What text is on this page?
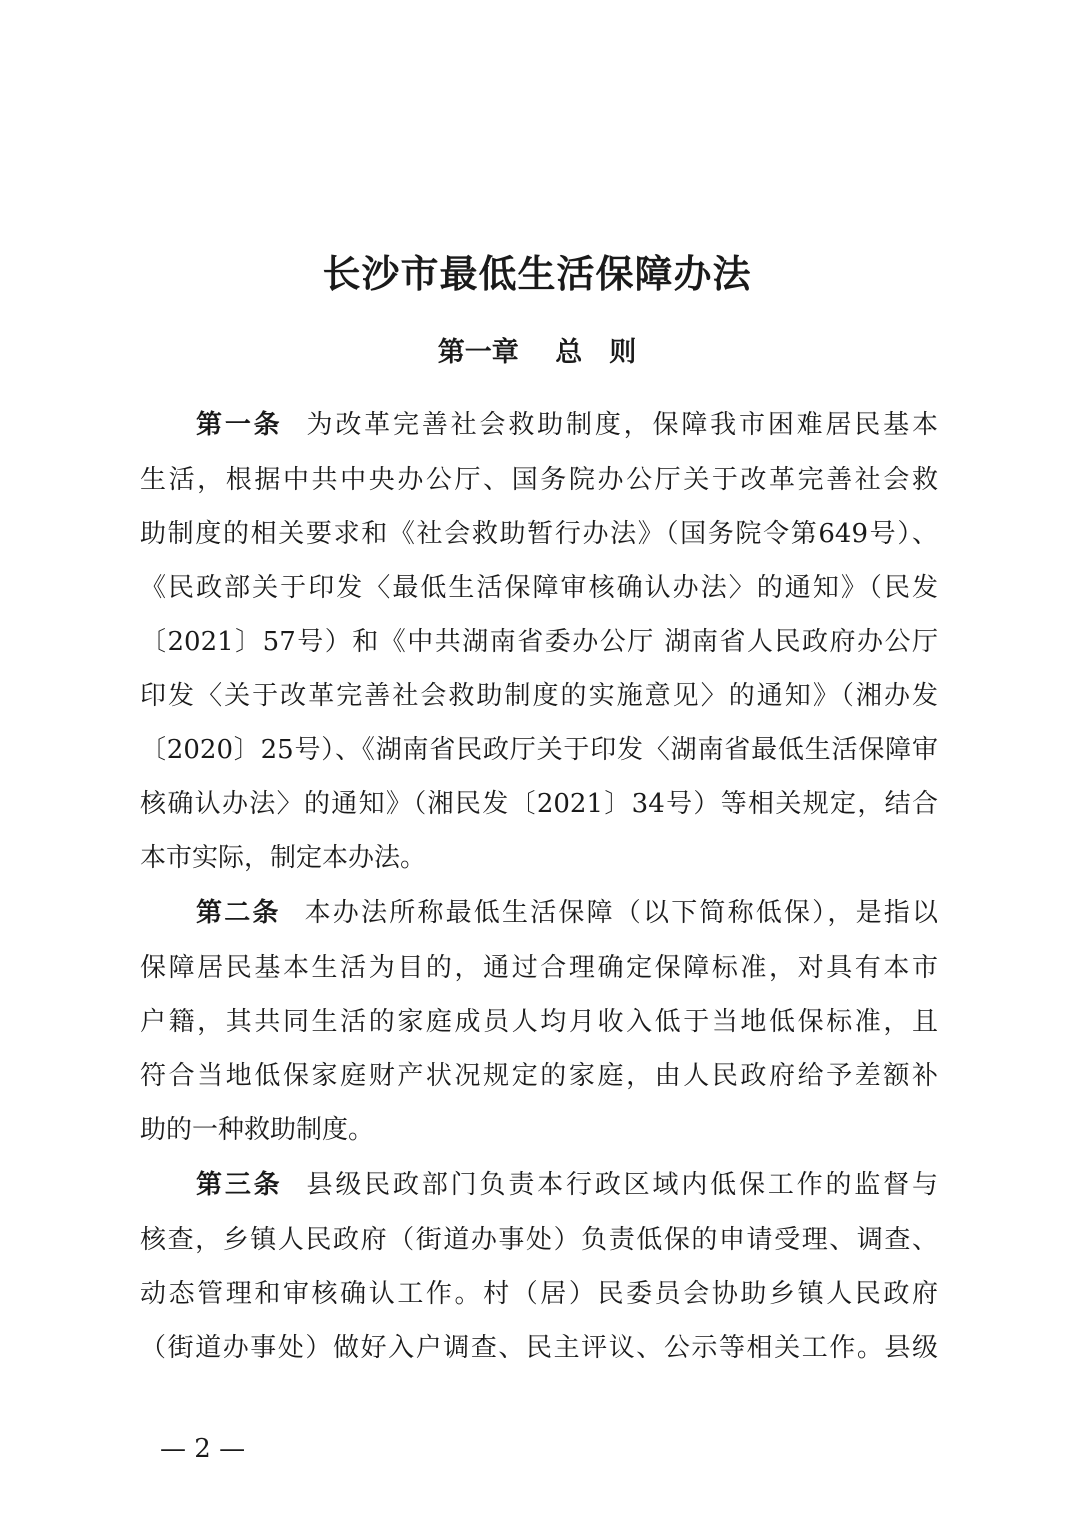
长沙市最低生活保障办法
第一章　 总　则
第一条 为改革完善社会救助制度，保障我市困难居民基本
生活，根据中共中央办公厅、国务院办公厅关于改革完善社会救
助制度的相关要求和《社会救助暂行办法》（国务院令第649号）、
《民政部关于印发〈最低生活保障审核确认办法〉的通知》（民发
〔2021〕57号）和《中共湖南省委办公厅 湖南省人民政府办公厅
印发〈关于改革完善社会救助制度的实施意见〉的通知》（湘办发
〔2020〕25号）、《湖南省民政厅关于印发〈湖南省最低生活保障审
核确认办法〉的通知》（湘民发〔2021〕34号）等相关规定，结合
本市实际，制定本办法。
第二条 本办法所称最低生活保障（以下简称低保），是指以
保障居民基本生活为目的，通过合理确定保障标准，对具有本市
户籍，其共同生活的家庭成员人均月收入低于当地低保标准，且
符合当地低保家庭财产状况规定的家庭，由人民政府给予差额补
助的一种救助制度。
第三条 县级民政部门负责本行政区域内低保工作的监督与
核查，乡镇人民政府（街道办事处）负责低保的申请受理、调查、
动态管理和审核确认工作。村（居）民委员会协助乡镇人民政府
（街道办事处）做好入户调查、民主评议、公示等相关工作。县级
— 2 —
